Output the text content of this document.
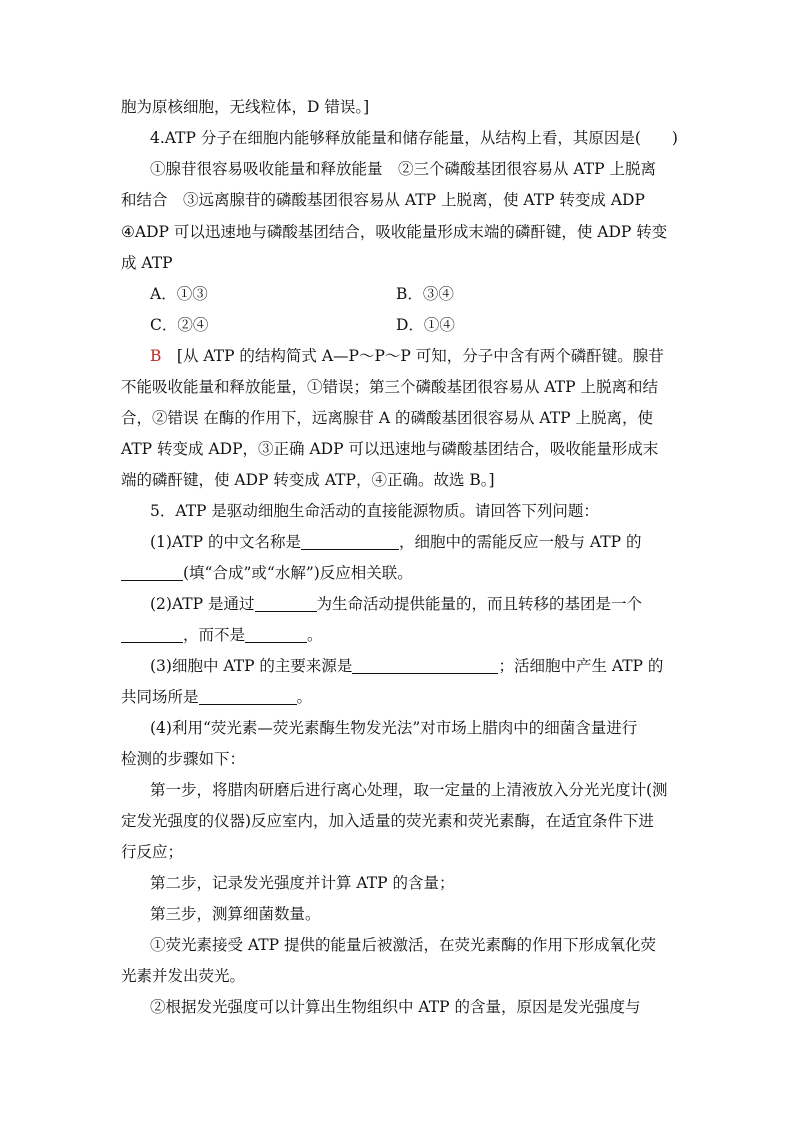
胞为原核细胞，无线粒体，D 错误。]
4.ATP 分子在细胞内能够释放能量和储存能量，从结构上看，其原因是(　　)
①腺苷很容易吸收能量和释放能量　②三个磷酸基团很容易从 ATP 上脱离
和结合　③远离腺苷的磷酸基团很容易从 ATP 上脱离，使 ATP 转变成 ADP
④ADP 可以迅速地与磷酸基团结合，吸收能量形成末端的磷酐键，使 ADP 转变
成 ATP
A．①③	B．③④
C．②④	D．①④
B　 [从 ATP 的结构简式 A—P～P～P 可知，分子中含有两个磷酐键。腺苷
不能吸收能量和释放能量，①错误；第三个磷酸基团很容易从 ATP 上脱离和结
合，②错误 在酶的作用下，远离腺苷 A 的磷酸基团很容易从 ATP 上脱离，使
ATP 转变成 ADP，③正确 ADP 可以迅速地与磷酸基团结合，吸收能量形成末
端的磷酐键，使 ADP 转变成 ATP，④正确。故选 B。]
5．ATP 是驱动细胞生命活动的直接能源物质。请回答下列问题：
(1)ATP 的中文名称是	，细胞中的需能反应一般与 ATP 的
(填“合成”或“水解”)反应相关联。
(2)ATP 是通过	为生命活动提供能量的，而且转移的基团是一个
，而不是	。
(3)细胞中 ATP 的主要来源是	；活细胞中产生 ATP 的
共同场所是	。
(4)利用“荧光素—荧光素酶生物发光法”对市场上腊肉中的细菌含量进行
检测的步骤如下：
第一步，将腊肉研磨后进行离心处理，取一定量的上清液放入分光光度计(测
定发光强度的仪器)反应室内，加入适量的荧光素和荧光素酶，在适宜条件下进
行反应；
第二步，记录发光强度并计算 ATP 的含量；
第三步，测算细菌数量。
①荧光素接受 ATP 提供的能量后被激活，在荧光素酶的作用下形成氧化荧
光素并发出荧光。
②根据发光强度可以计算出生物组织中 ATP 的含量，原因是发光强度与
